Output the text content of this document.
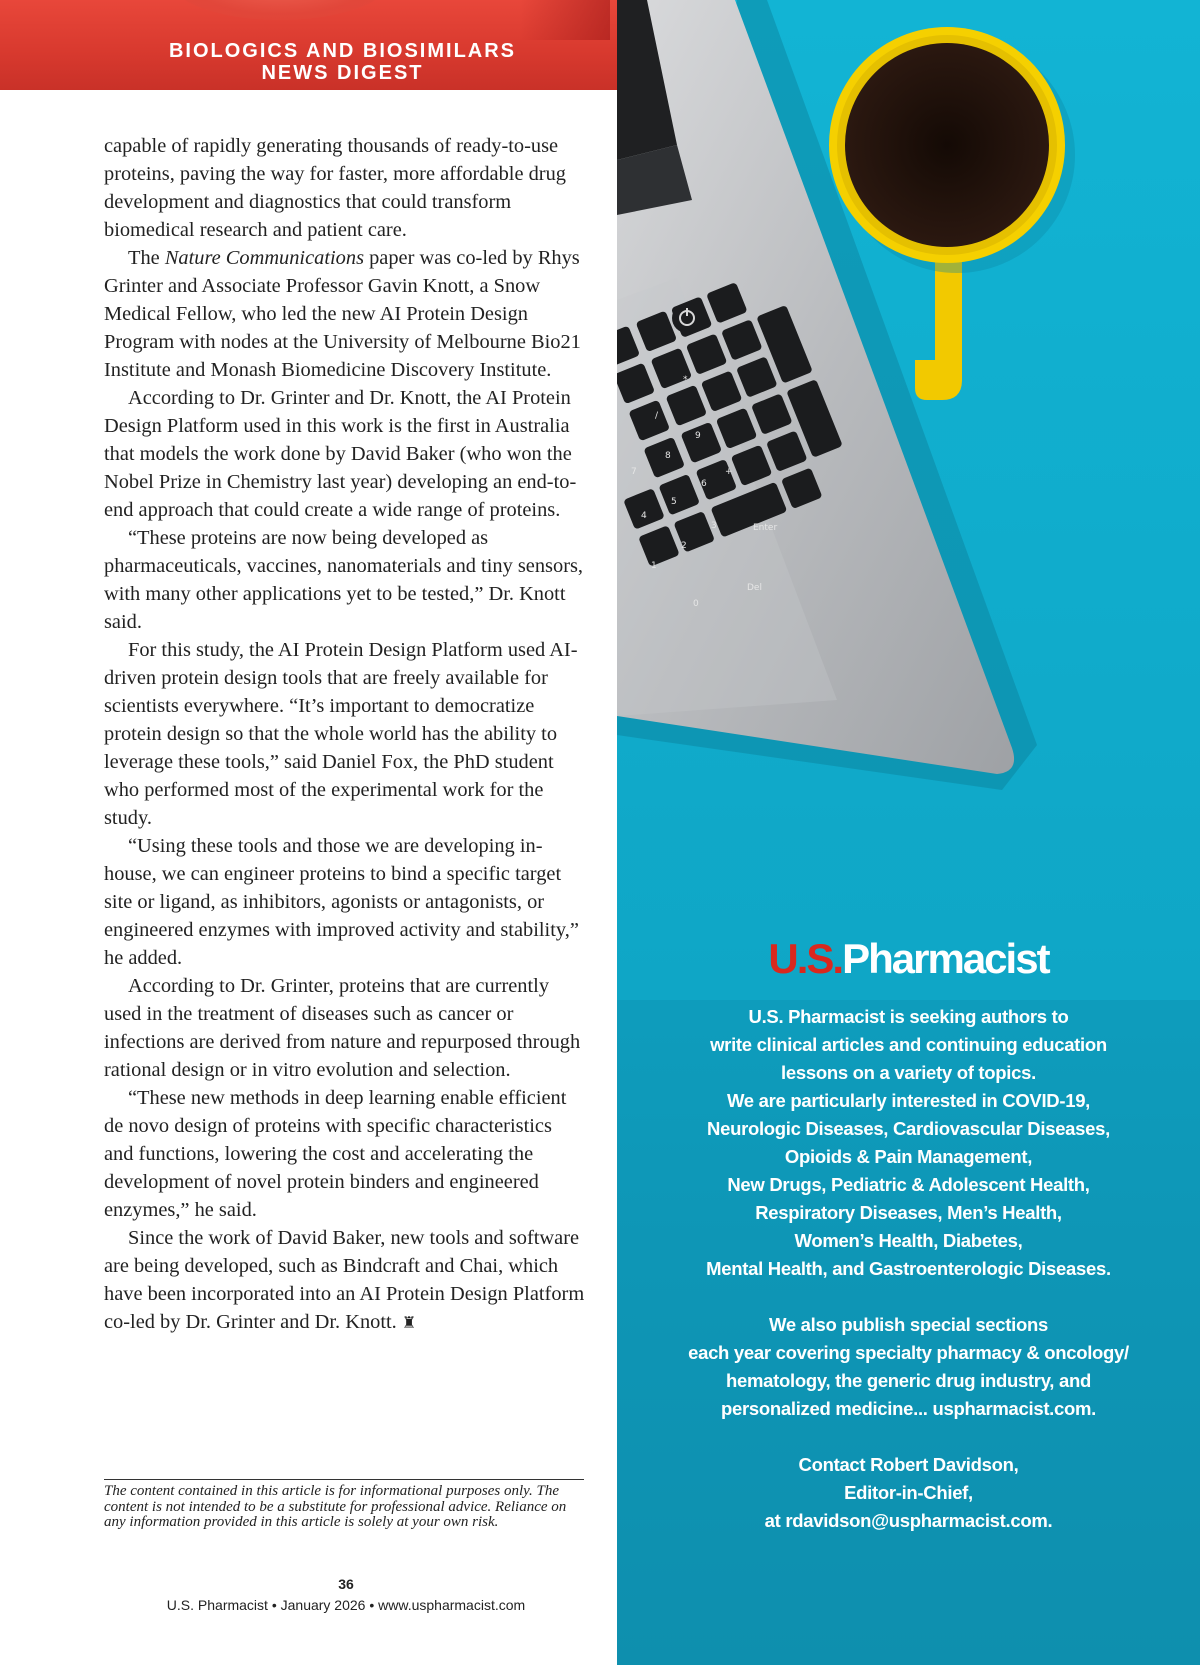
BIOLOGICS AND BIOSIMILARS
NEWS DIGEST

capable of rapidly generating thousands of ready-to-use proteins, paving the way for faster, more affordable drug development and diagnostics that could transform biomedical research and patient care.

The Nature Communications paper was co-led by Rhys Grinter and Associate Professor Gavin Knott, a Snow Medical Fellow, who led the new AI Protein Design Program with nodes at the University of Melbourne Bio21 Institute and Monash Biomedicine Discovery Institute.

According to Dr. Grinter and Dr. Knott, the AI Protein Design Platform used in this work is the first in Australia that models the work done by David Baker (who won the Nobel Prize in Chemistry last year) developing an end-to-end approach that could create a wide range of proteins.

“These proteins are now being developed as pharmaceuticals, vaccines, nanomaterials and tiny sensors, with many other applications yet to be tested,” Dr. Knott said.

For this study, the AI Protein Design Platform used AI-driven protein design tools that are freely available for scientists everywhere. “It’s important to democratize protein design so that the whole world has the ability to leverage these tools,” said Daniel Fox, the PhD student who performed most of the experimental work for the study.

“Using these tools and those we are developing in-house, we can engineer proteins to bind a specific target site or ligand, as inhibitors, agonists or antagonists, or engineered enzymes with improved activity and stability,” he added.

According to Dr. Grinter, proteins that are currently used in the treatment of diseases such as cancer or infections are derived from nature and repurposed through rational design or in vitro evolution and selection.

“These new methods in deep learning enable efficient de novo design of proteins with specific characteristics and functions, lowering the cost and accelerating the development of novel protein binders and engineered enzymes,” he said.

Since the work of David Baker, new tools and software are being developed, such as Bindcraft and Chai, which have been incorporated into an AI Protein Design Platform co-led by Dr. Grinter and Dr. Knott. ♜

The content contained in this article is for informational purposes only. The content is not intended to be a substitute for professional advice. Reliance on any information provided in this article is solely at your own risk.
36
U.S. Pharmacist • January 2026 • www.uspharmacist.com
/
*
9
8
7	+
6
5
4
3
2
1
0
Enter
Del
U.S.Pharmacist
U.S. Pharmacist is seeking authors to
write clinical articles and continuing education
lessons on a variety of topics.
We are particularly interested in COVID-19,
Neurologic Diseases, Cardiovascular Diseases,
Opioids & Pain Management,
New Drugs, Pediatric & Adolescent Health,
Respiratory Diseases, Men’s Health,
Women’s Health, Diabetes,
Mental Health, and Gastroenterologic Diseases.
We also publish special sections
each year covering specialty pharmacy & oncology/
hematology, the generic drug industry, and
personalized medicine... uspharmacist.com.
Contact Robert Davidson,
Editor-in-Chief,
at rdavidson@uspharmacist.com.
